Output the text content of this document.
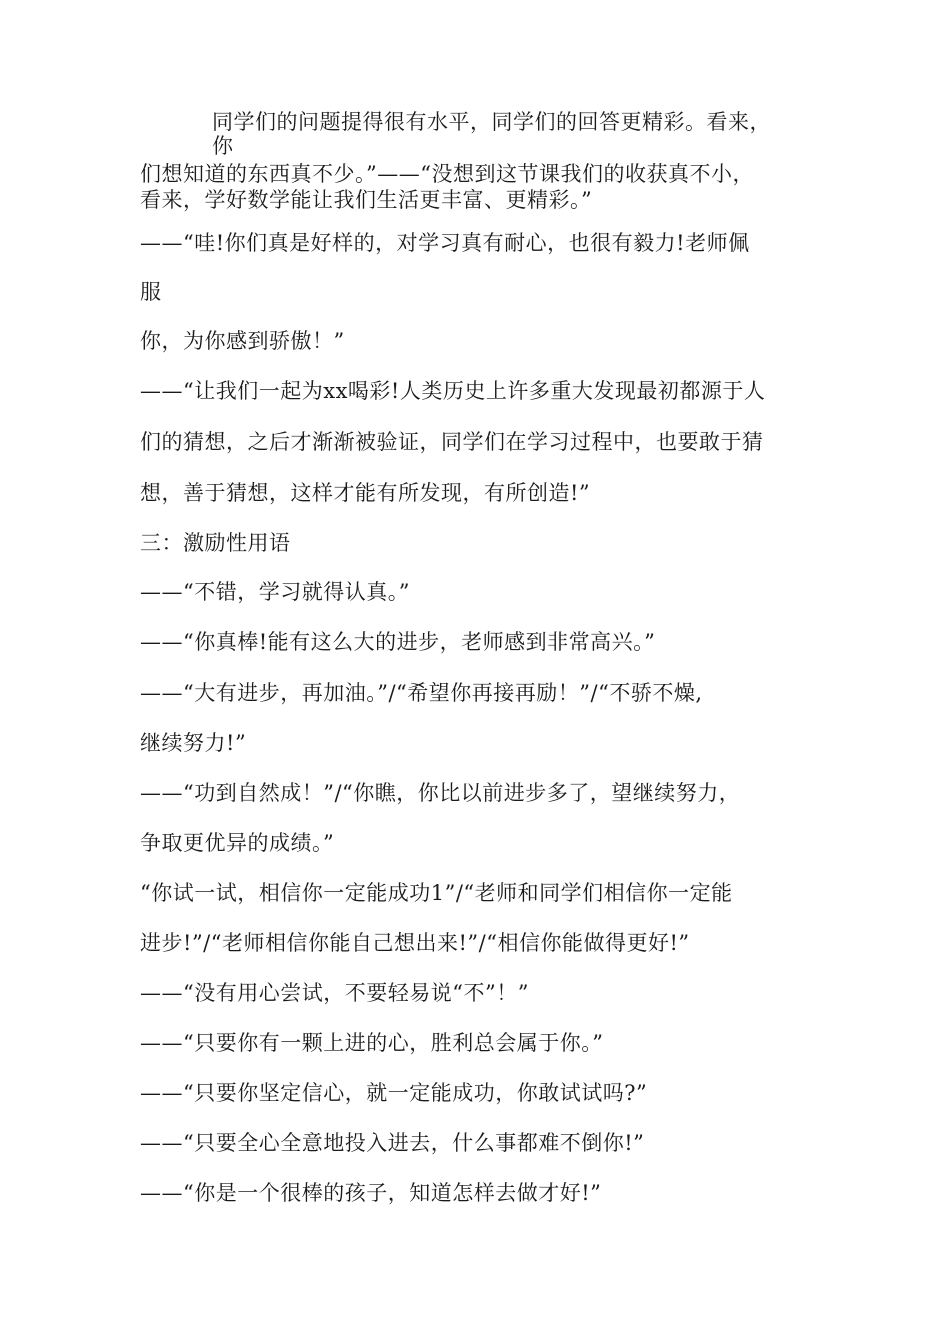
同学们的问题提得很有水平，同学们的回答更精彩。看来，
你
们想知道的东西真不少。”——“没想到这节课我们的收获真不小，
看来，学好数学能让我们生活更丰富、更精彩。”
——“哇!你们真是好样的，对学习真有耐心，也很有毅力!老师佩
服
你，为你感到骄傲！”
——“让我们一起为xx喝彩!人类历史上许多重大发现最初都源于人
们的猜想，之后才渐渐被验证，同学们在学习过程中，也要敢于猜
想，善于猜想，这样才能有所发现，有所创造!”
三：激励性用语
——“不错，学习就得认真。”
——“你真棒!能有这么大的进步，老师感到非常高兴。”
——“大有进步，再加油。”/“希望你再接再励！”/“不骄不燥,
继续努力!”
——“功到自然成！”/“你瞧，你比以前进步多了，望继续努力，
争取更优异的成绩。”
“你试一试，相信你一定能成功1”/“老师和同学们相信你一定能
进步!”/“老师相信你能自己想出来!”/“相信你能做得更好!”
——“没有用心尝试，不要轻易说“不”！”
——“只要你有一颗上进的心，胜利总会属于你。”
——“只要你坚定信心，就一定能成功，你敢试试吗?”
——“只要全心全意地投入进去，什么事都难不倒你!”
——“你是一个很棒的孩子，知道怎样去做才好!”
